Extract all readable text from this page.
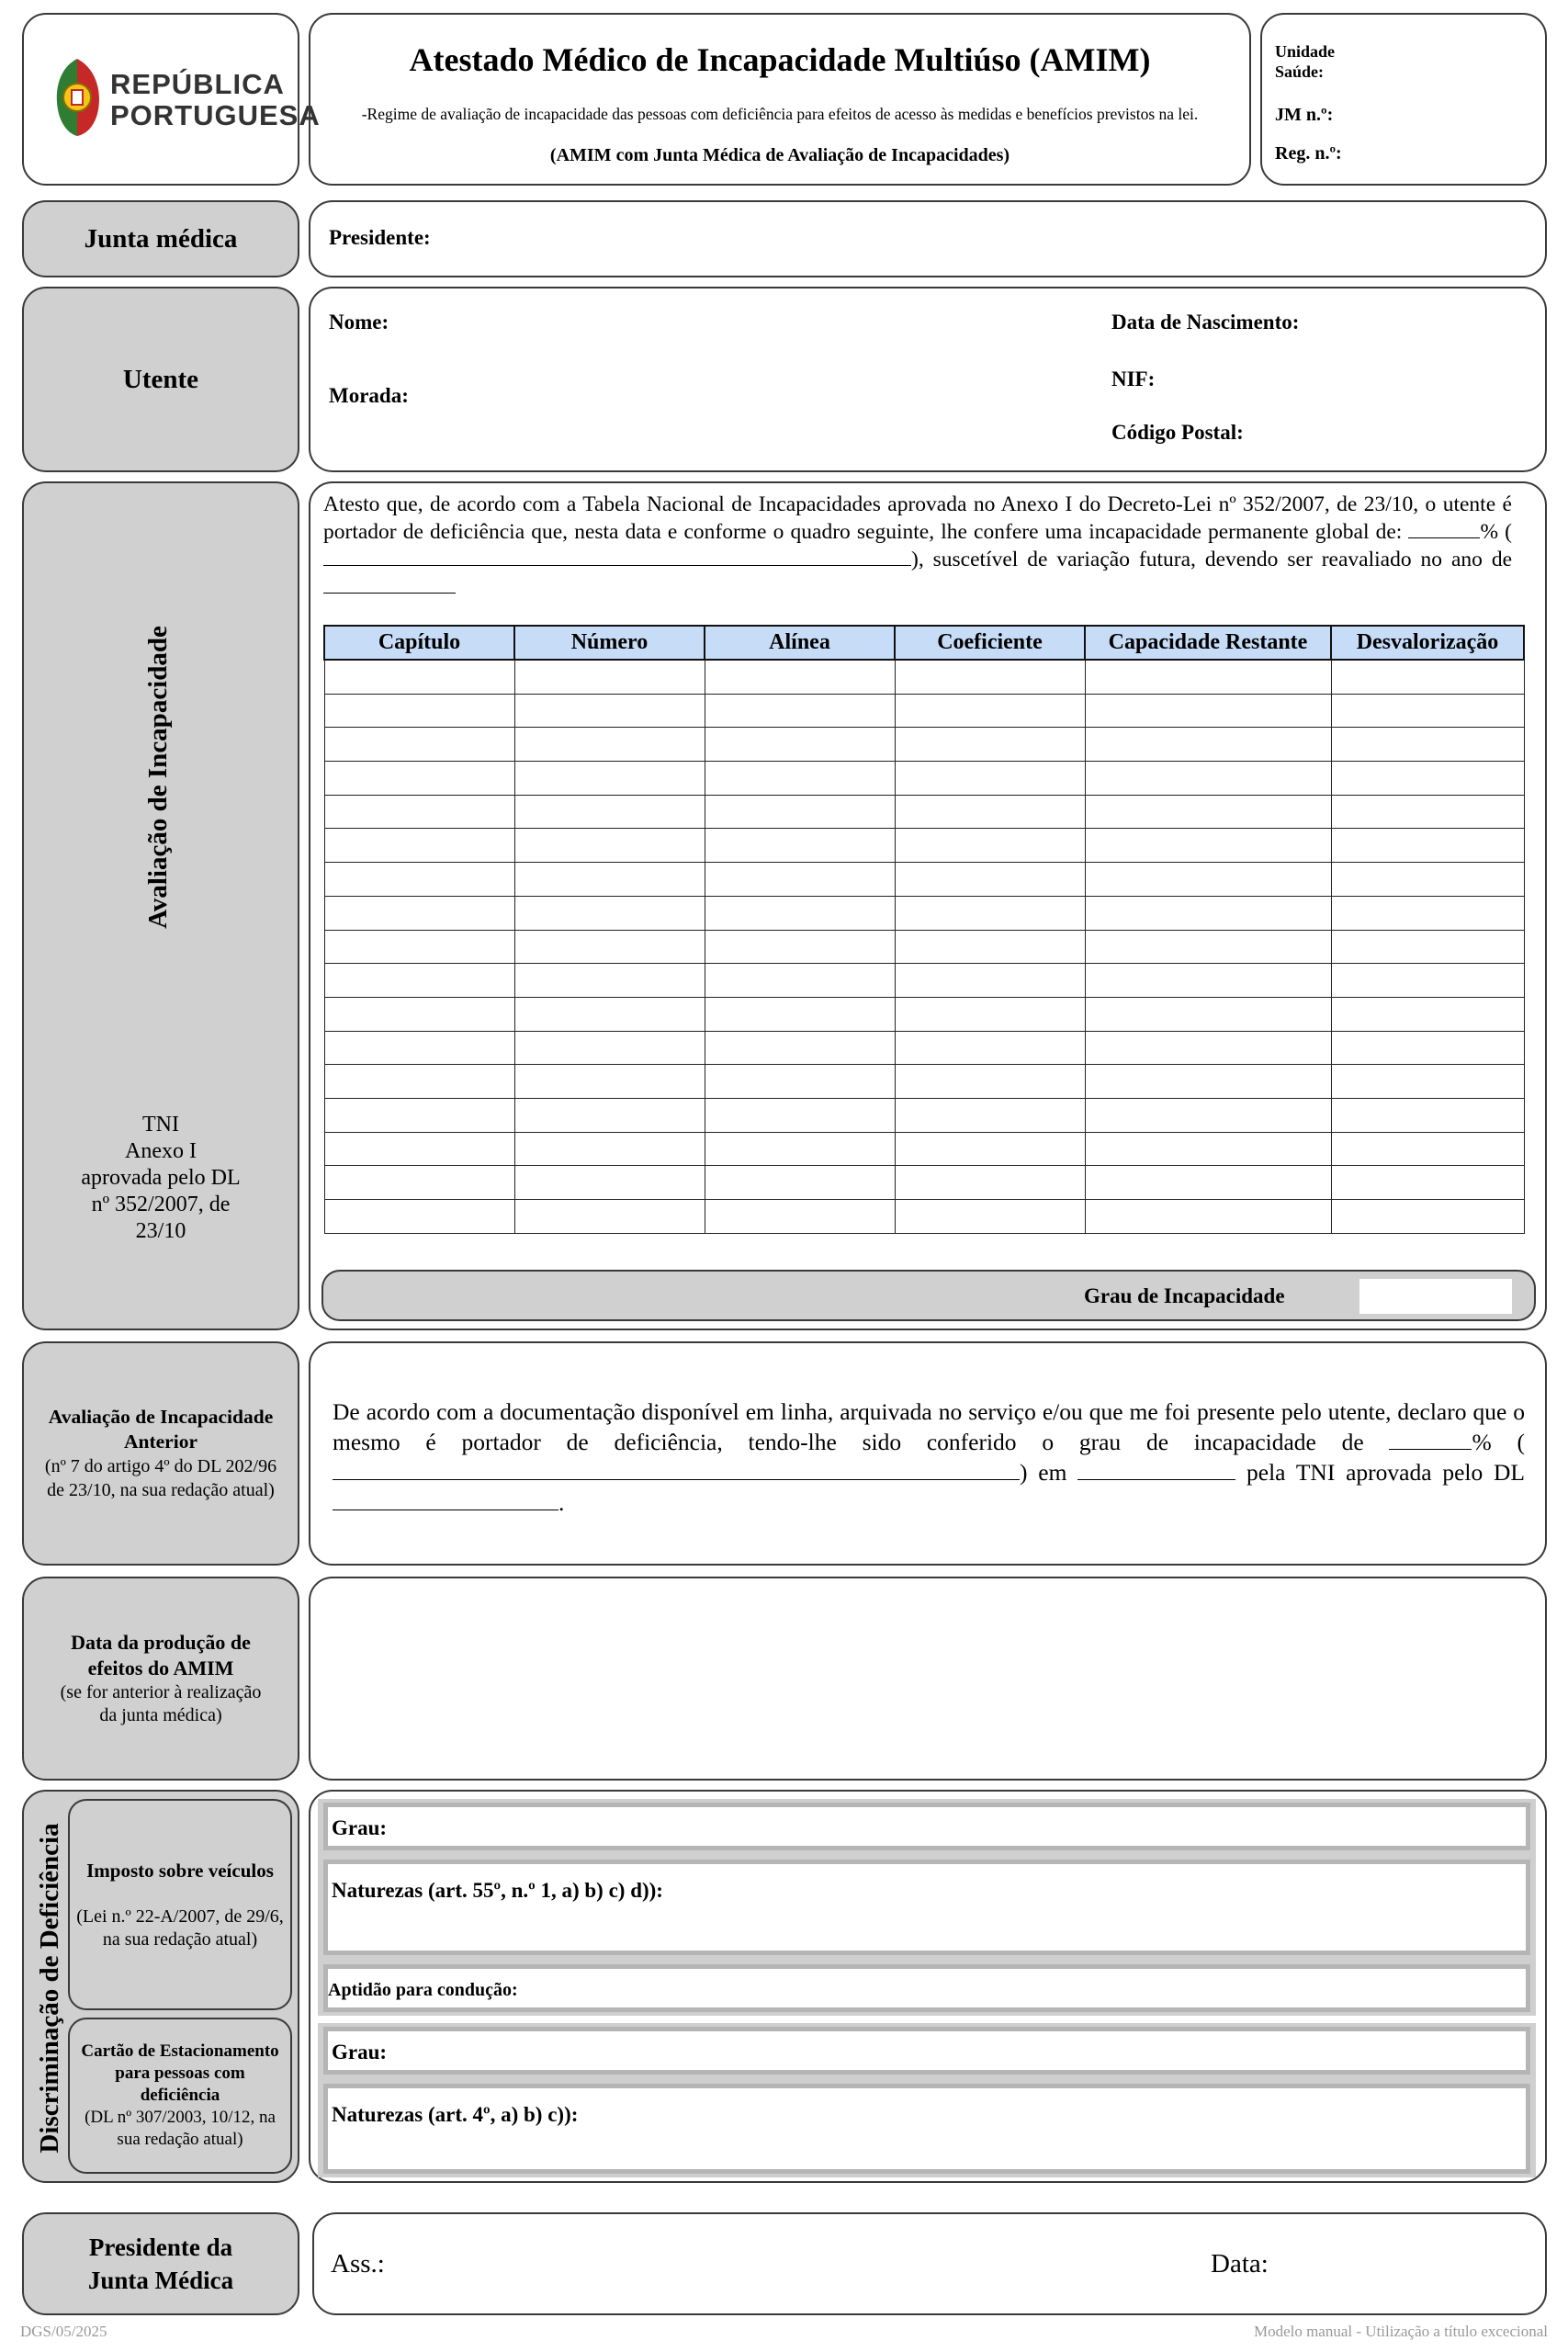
REPÚBLICA
PORTUGUESA
Atestado Médico de Incapacidade Multiúso (AMIM)
-Regime de avaliação de incapacidade das pessoas com deficiência para efeitos de acesso às medidas e benefícios previstos na lei.
(AMIM com Junta Médica de Avaliação de Incapacidades)
Unidade
Saúde:
JM n.º:
Reg. n.º:
Junta médica	Presidente:
Utente
Nome:
Morada:
Data de Nascimento:
NIF:
Código Postal:
Avaliação de Incapacidade
TNI
Anexo I
aprovada pelo DL
nº 352/2007, de
23/10
Atesto que, de acordo com a Tabela Nacional de Incapacidades aprovada no Anexo I do Decreto-Lei nº 352/2007, de 23/10, o utente é portador de deficiência que, nesta data e conforme o quadro seguinte, lhe confere uma incapacidade permanente global de:	% (), suscetível de variação futura, devendo ser reavaliado no ano de
Capítulo	Número	Alínea	Coeficiente	Capacidade Restante	Desvalorização

Grau de Incapacidade
Avaliação de Incapacidade
Anterior
(nº 7 do artigo 4º do DL 202/96
de 23/10, na sua redação atual)
De acordo com a documentação disponível em linha, arquivada no serviço e/ou que me foi presente pelo utente, declaro que o mesmo é portador de deficiência, tendo-lhe sido conferido o grau de incapacidade de	% () em	pela TNI aprovada pelo DL.
Data da produção de
efeitos do AMIM
(se for anterior à realização
da junta médica)
Discriminação de Deficiência Imposto sobre veículos
(Lei n.º 22-A/2007, de 29/6,
na sua redação atual)
Cartão de Estacionamento
para pessoas com
deficiência
(DL nº 307/2003, 10/12, na
sua redação atual)
Grau:
Naturezas (art. 55º, n.º 1, a) b) c) d)):
Aptidão para condução:
Grau:
Naturezas (art. 4º, a) b) c)):
Presidente da
Junta Médica
Ass.:	Data:
DGS/05/2025	Modelo manual - Utilização a título excecional
